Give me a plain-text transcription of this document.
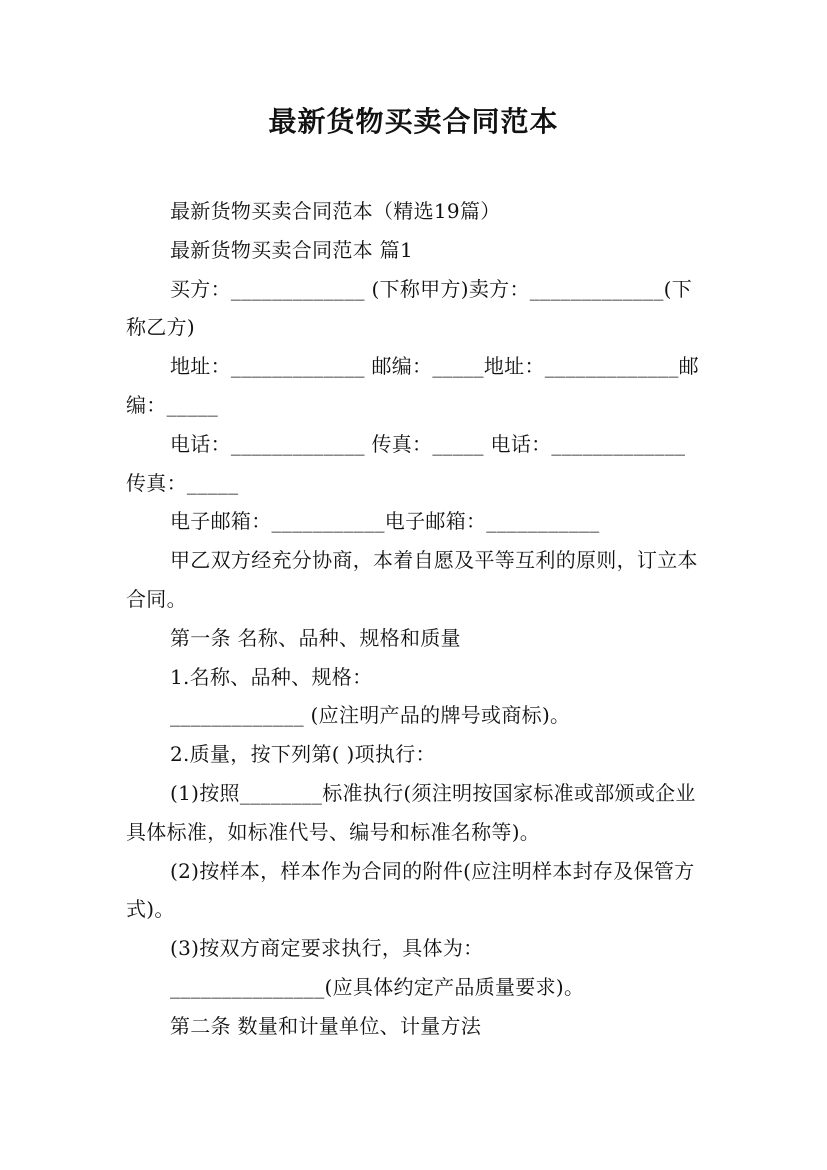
最新货物买卖合同范本

最新货物买卖合同范本（精选19篇）

最新货物买卖合同范本 篇1

买方：_____________ (下称甲方)卖方：_____________(下称乙方)

地址：_____________ 邮编：_____地址：_____________邮编：_____

电话：_____________ 传真：_____ 电话：_____________传真：_____

电子邮箱：___________电子邮箱：___________

甲乙双方经充分协商，本着自愿及平等互利的原则，订立本合同。

第一条 名称、品种、规格和质量

1.名称、品种、规格：

_____________ (应注明产品的牌号或商标)。

2.质量，按下列第( )项执行：

(1)按照________标准执行(须注明按国家标准或部颁或企业具体标准，如标准代号、编号和标准名称等)。

(2)按样本，样本作为合同的附件(应注明样本封存及保管方式)。

(3)按双方商定要求执行，具体为：

_______________(应具体约定产品质量要求)。

第二条 数量和计量单位、计量方法
